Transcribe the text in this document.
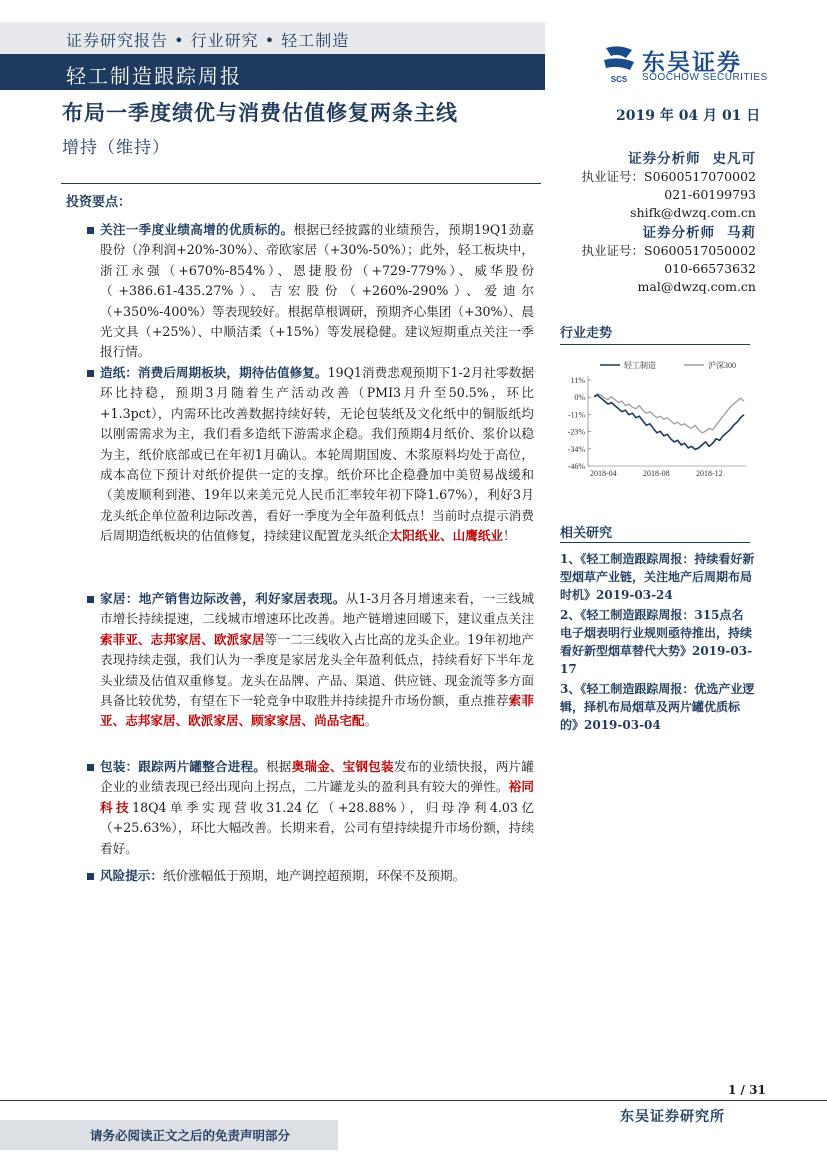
证券研究报告 • 行业研究 • 轻工制造
轻工制造跟踪周报	SCS
东吴证券
SOOCHOW SECURITIES
布局一季度绩优与消费估值修复两条主线
增持（维持）
2019 年 04 月 01 日
证券分析师 史凡可
执业证号：S0600517070002
021-60199793
shifk@dwzq.com.cn
证券分析师 马莉
执业证号：S0600517050002
010-66573632
mal@dwzq.com.cn
投资要点：
关注一季度业绩高增的优质标的。根据已经披露的业绩预告，预期19Q1劲嘉股份（净利润+20%-30%）、帝欧家居（+30%-50%）；此外，轻工板块中，浙江永强（+670%-854%）、恩捷股份（+729-779%）、威华股份（+386.61-435.27%）、吉宏股份（+260%-290%）、爱迪尔（+350%-400%）等表现较好。根据草根调研，预期齐心集团（+30%）、晨光文具（+25%）、中顺洁柔（+15%）等发展稳健。建议短期重点关注一季报行情。
造纸：消费后周期板块，期待估值修复。19Q1消费悲观预期下1-2月社零数据环比持稳，预期3月随着生产活动改善（PMI3月升至50.5%，环比+1.3pct），内需环比改善数据持续好转，无论包装纸及文化纸中的铜版纸均以刚需需求为主，我们看多造纸下游需求企稳。我们预期4月纸价、浆价以稳为主，纸价底部或已在年初1月确认。本轮周期国废、木浆原料均处于高位，成本高位下预计对纸价提供一定的支撑。纸价环比企稳叠加中美贸易战缓和（美废顺利到港、19年以来美元兑人民币汇率较年初下降1.67%），利好3月龙头纸企单位盈利边际改善，看好一季度为全年盈利低点！当前时点提示消费后周期造纸板块的估值修复，持续建议配置龙头纸企太阳纸业、山鹰纸业！
家居：地产销售边际改善，利好家居表现。从1-3月各月增速来看，一三线城市增长持续提速，二线城市增速环比改善。地产链增速回暖下，建议重点关注索菲亚、志邦家居、欧派家居等一二三线收入占比高的龙头企业。19年初地产表现持续走强，我们认为一季度是家居龙头全年盈利低点，持续看好下半年龙头业绩及估值双重修复。龙头在品牌、产品、渠道、供应链、现金流等多方面具备比较优势，有望在下一轮竞争中取胜并持续提升市场份额，重点推荐索菲亚、志邦家居、欧派家居、顾家家居、尚品宅配。
包装：跟踪两片罐整合进程。根据奥瑞金、宝钢包装发布的业绩快报，两片罐企业的业绩表现已经出现向上拐点，二片罐龙头的盈利具有较大的弹性。裕同科技18Q4单季实现营收31.24亿（+28.88%），归母净利4.03亿（+25.63%），环比大幅改善。长期来看，公司有望持续提升市场份额，持续看好。
风险提示：纸价涨幅低于预期，地产调控超预期，环保不及预期。
行业走势
轻工制造	沪深300
11%
0%
-11%
-23%
-34%
-46%
2018-04	2018-08	2018-12
相关研究

1、《轻工制造跟踪周报：持续看好新型烟草产业链，关注地产后周期布局时机》2019-03-24

2、《轻工制造跟踪周报：315点名电子烟表明行业规则亟待推出，持续看好新型烟草替代大势》2019-03-17

3、《轻工制造跟踪周报：优选产业逻辑，择机布局烟草及两片罐优质标的》2019-03-04

1 / 31
东吴证券研究所
请务必阅读正文之后的免责声明部分
